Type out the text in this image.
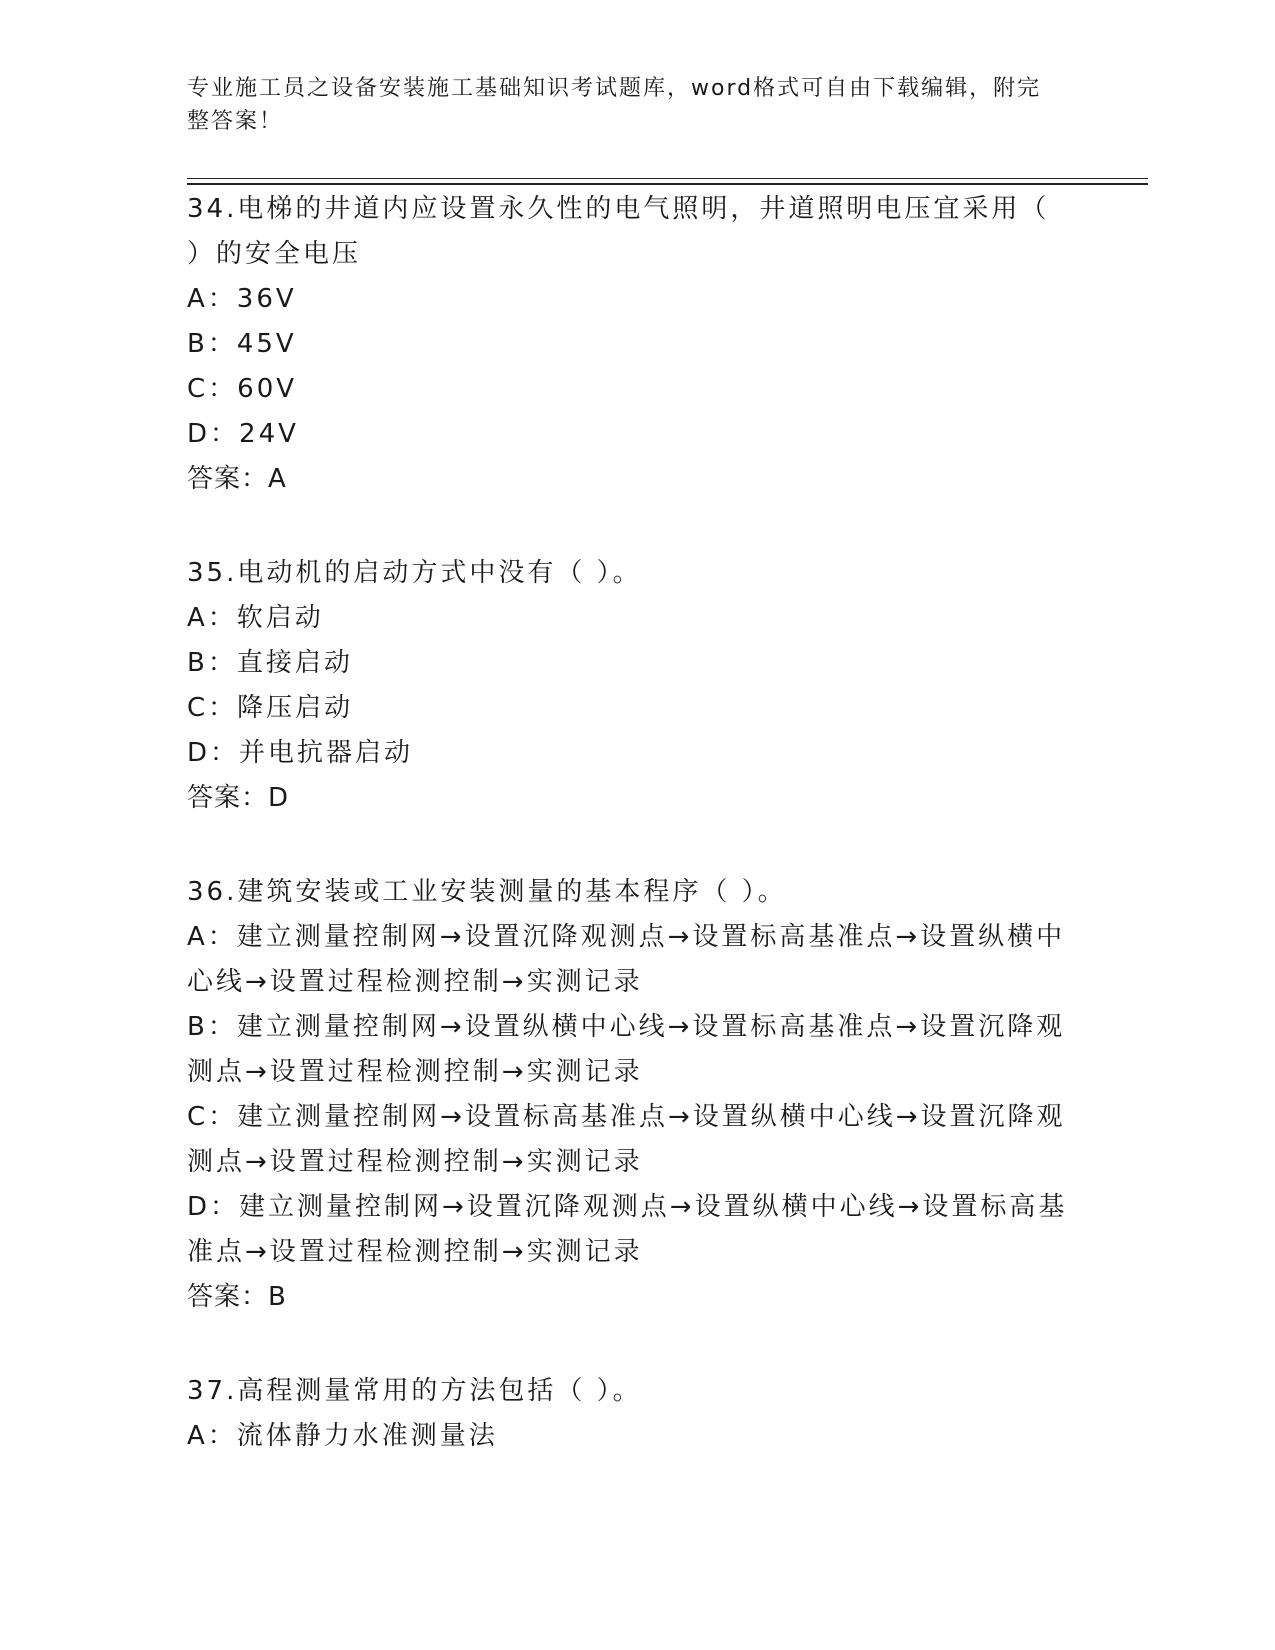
专业施工员之设备安装施工基础知识考试题库，word格式可自由下载编辑，附完
整答案！
34.电梯的井道内应设置永久性的电气照明，井道照明电压宜采用（
）的安全电压
A：36V
B：45V
C：60V
D：24V
答案：A
35.电动机的启动方式中没有（ ）。
A：软启动
B：直接启动
C：降压启动
D：并电抗器启动
答案：D
36.建筑安装或工业安装测量的基本程序（ ）。
A：建立测量控制网→设置沉降观测点→设置标高基准点→设置纵横中
心线→设置过程检测控制→实测记录
B：建立测量控制网→设置纵横中心线→设置标高基准点→设置沉降观
测点→设置过程检测控制→实测记录
C：建立测量控制网→设置标高基准点→设置纵横中心线→设置沉降观
测点→设置过程检测控制→实测记录
D：建立测量控制网→设置沉降观测点→设置纵横中心线→设置标高基
准点→设置过程检测控制→实测记录
答案：B
37.高程测量常用的方法包括（ ）。
A：流体静力水准测量法
